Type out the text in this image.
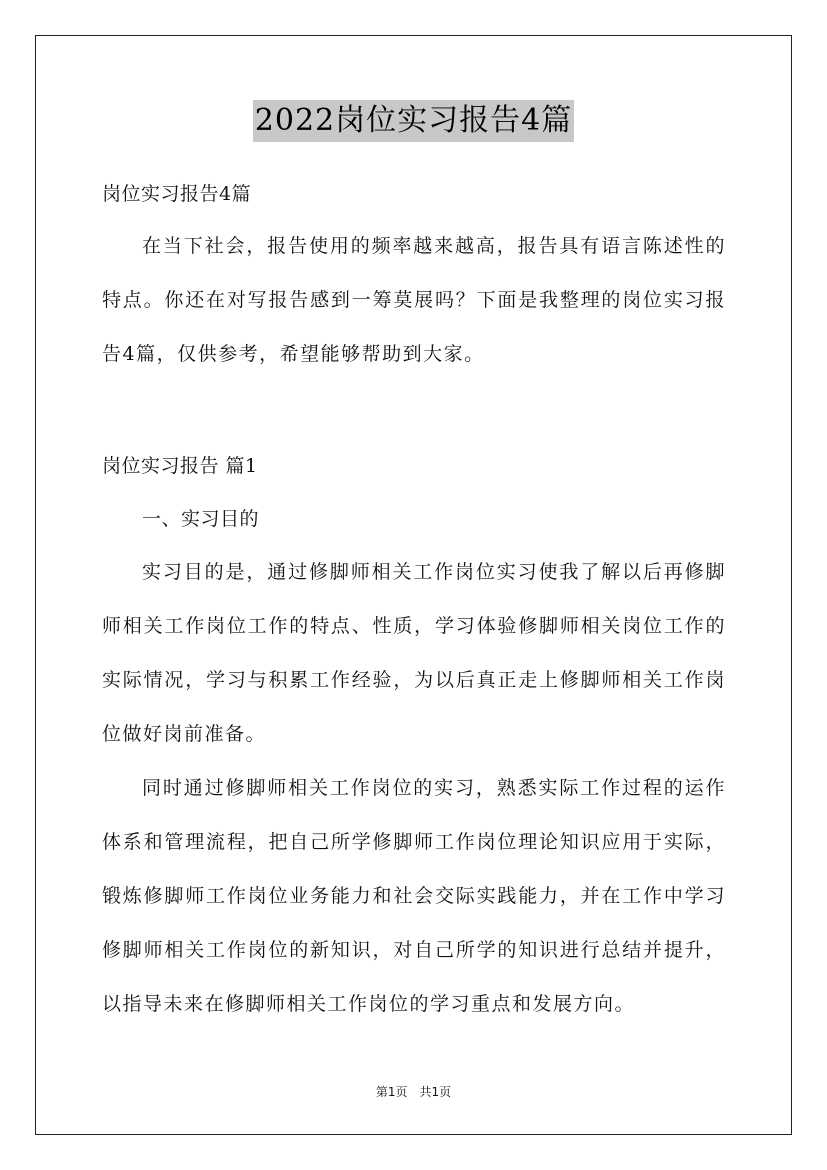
2022岗位实习报告4篇
岗位实习报告4篇
在当下社会，报告使用的频率越来越高，报告具有语言陈述性的特点。你还在对写报告感到一筹莫展吗？下面是我整理的岗位实习报告4篇，仅供参考，希望能够帮助到大家。
岗位实习报告 篇1
一、实习目的
实习目的是，通过修脚师相关工作岗位实习使我了解以后再修脚师相关工作岗位工作的特点、性质，学习体验修脚师相关岗位工作的实际情况，学习与积累工作经验，为以后真正走上修脚师相关工作岗位做好岗前准备。
同时通过修脚师相关工作岗位的实习，熟悉实际工作过程的运作体系和管理流程，把自己所学修脚师工作岗位理论知识应用于实际，锻炼修脚师工作岗位业务能力和社会交际实践能力，并在工作中学习修脚师相关工作岗位的新知识，对自己所学的知识进行总结并提升，以指导未来在修脚师相关工作岗位的学习重点和发展方向。
第1页　共1页
